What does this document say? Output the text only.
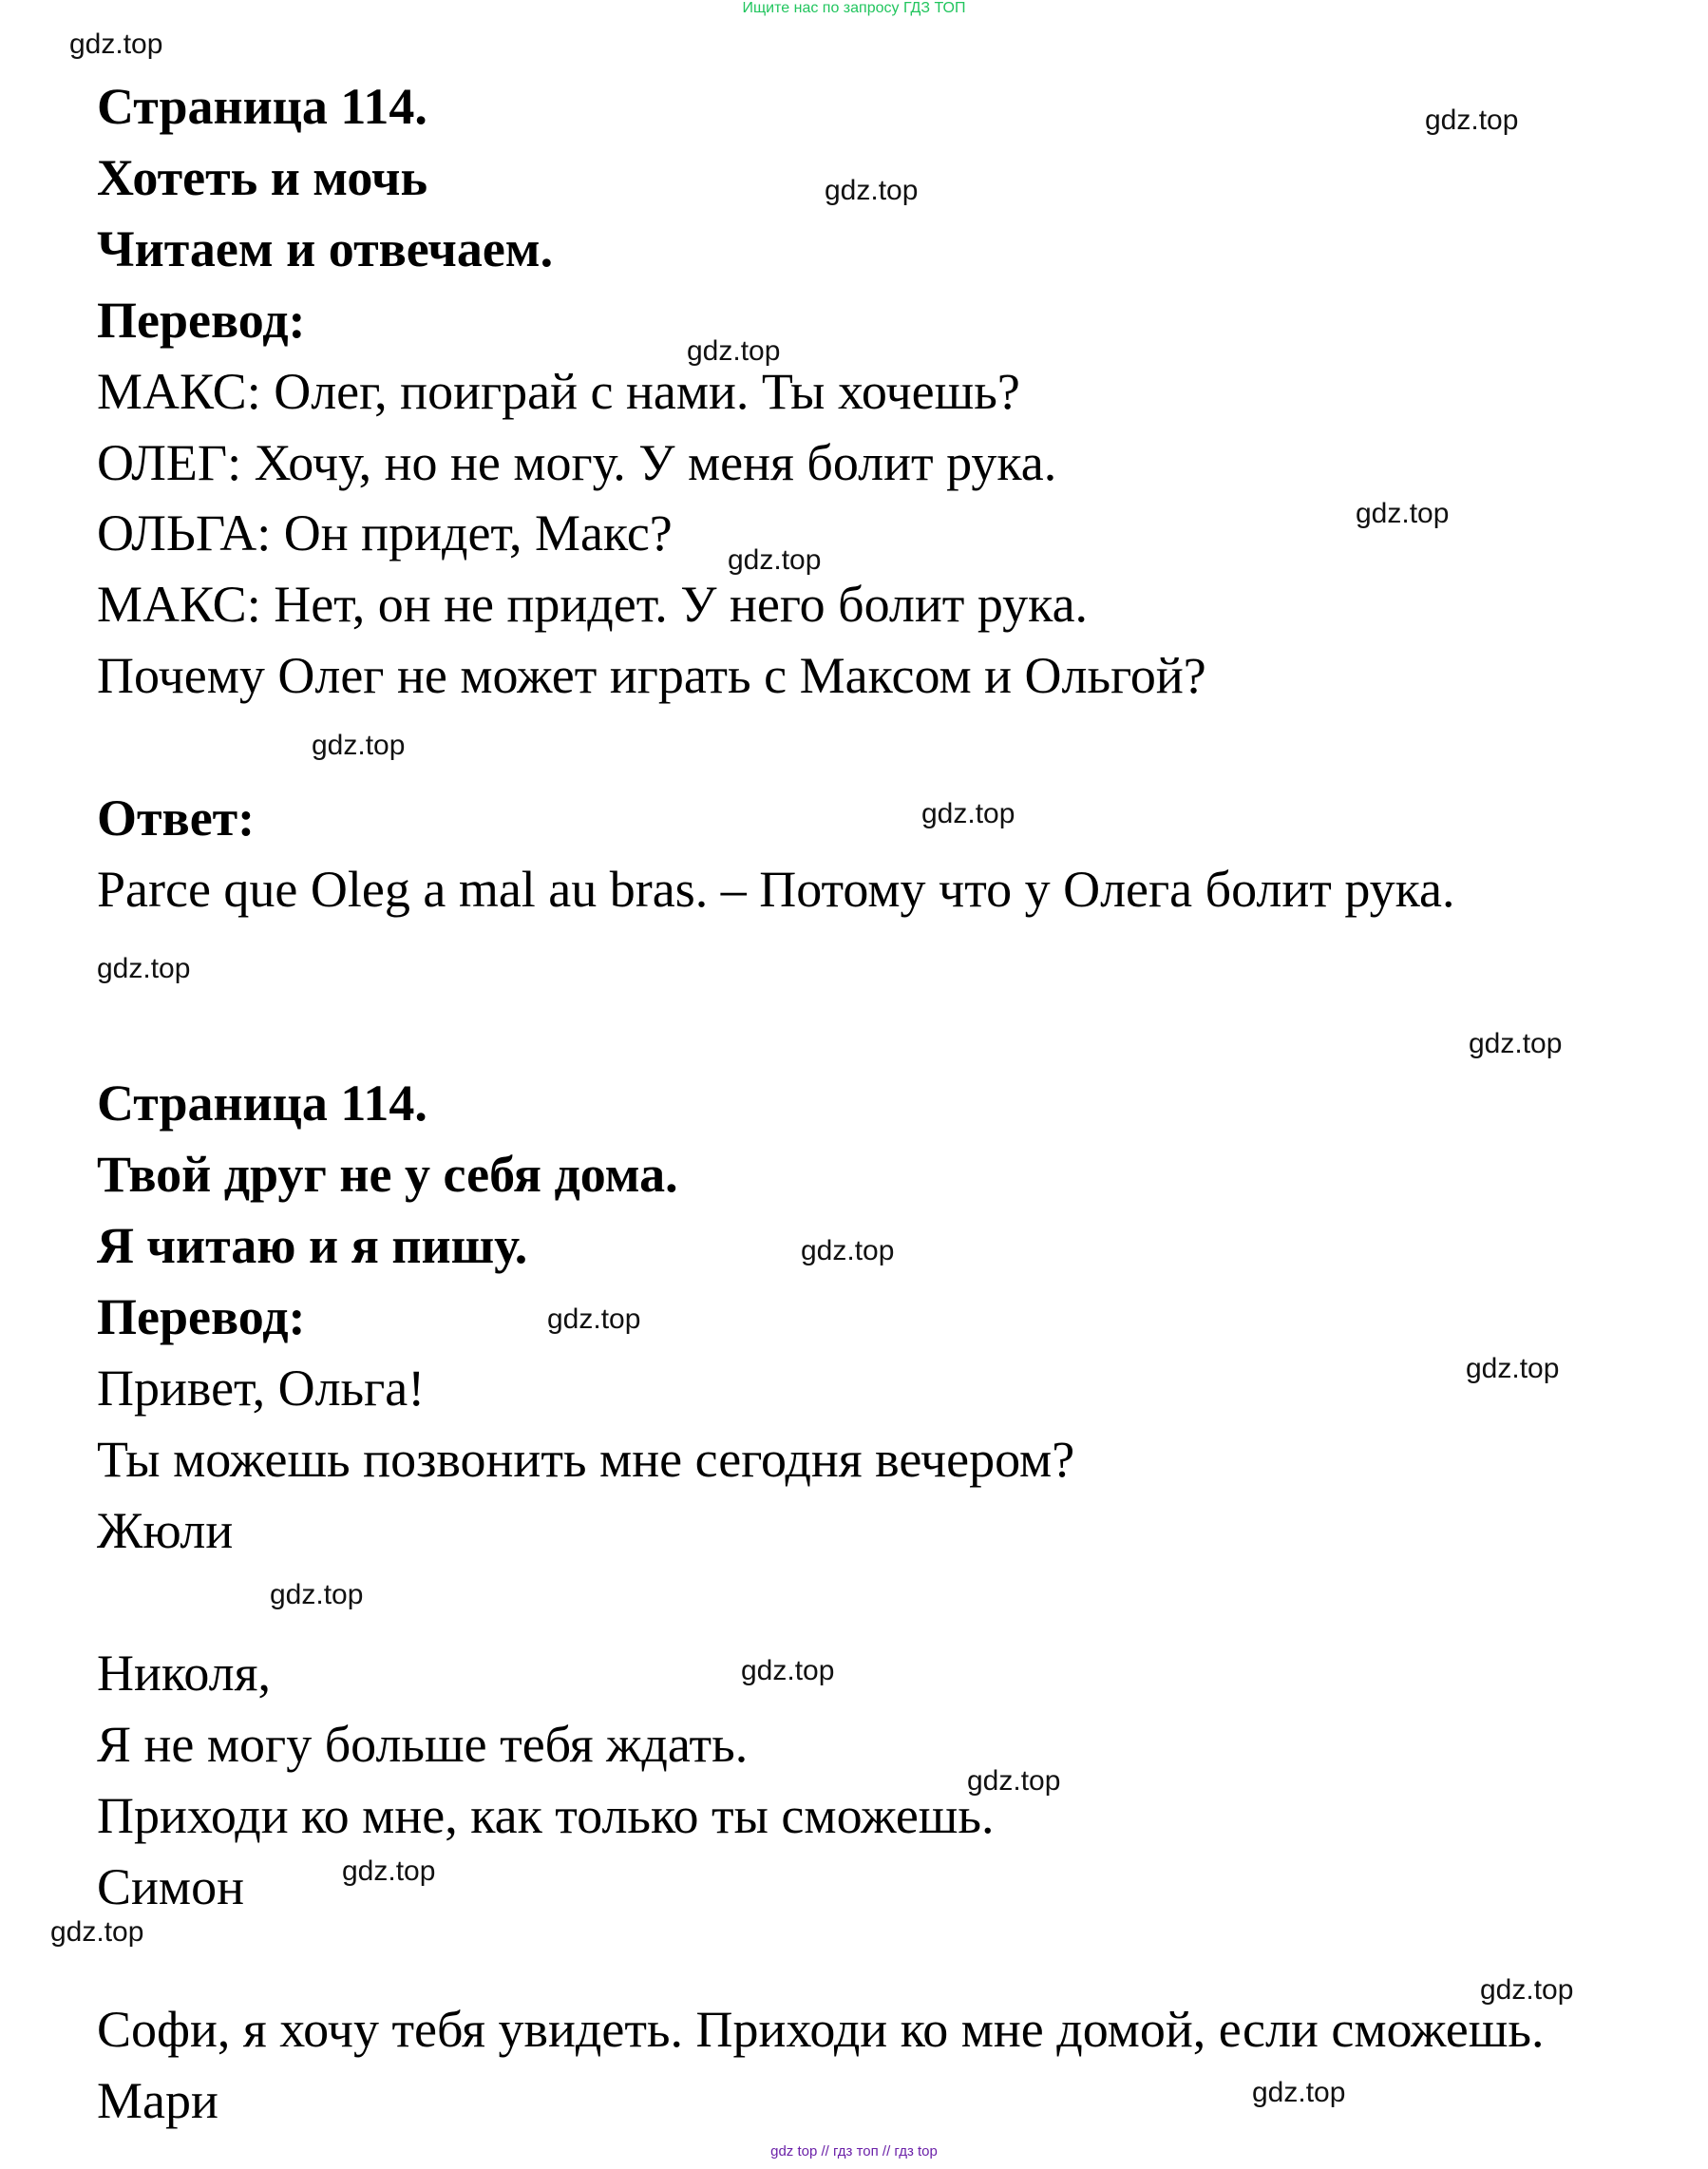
Ищите нас по запросу ГДЗ ТОП
Страница 114.
Хотеть и мочь
Читаем и отвечаем.
Перевод:
МАКС: Олег, поиграй с нами. Ты хочешь?
ОЛЕГ: Хочу, но не могу. У меня болит рука.
ОЛЬГА: Он придет, Макс?
МАКС: Нет, он не придет. У него болит рука.
Почему Олег не может играть с Максом и Ольгой?
Ответ:
Parce que Oleg a mal au bras. – Потому что у Олега болит рука.
Страница 114.
Твой друг не у себя дома.
Я читаю и я пишу.
Перевод:
Привет, Ольга!
Ты можешь позвонить мне сегодня вечером?
Жюли
Николя,
Я не могу больше тебя ждать.
Приходи ко мне, как только ты сможешь.
Симон
Софи, я хочу тебя увидеть. Приходи ко мне домой, если сможешь.
Мари
gdz.top
gdz.top
gdz.top
gdz.top
gdz.top
gdz.top
gdz.top
gdz.top
gdz.top
gdz.top
gdz.top
gdz.top
gdz.top
gdz.top
gdz.top
gdz.top
gdz.top
gdz.top
gdz.top
gdz.top
gdz top // гдз топ // гдз top
